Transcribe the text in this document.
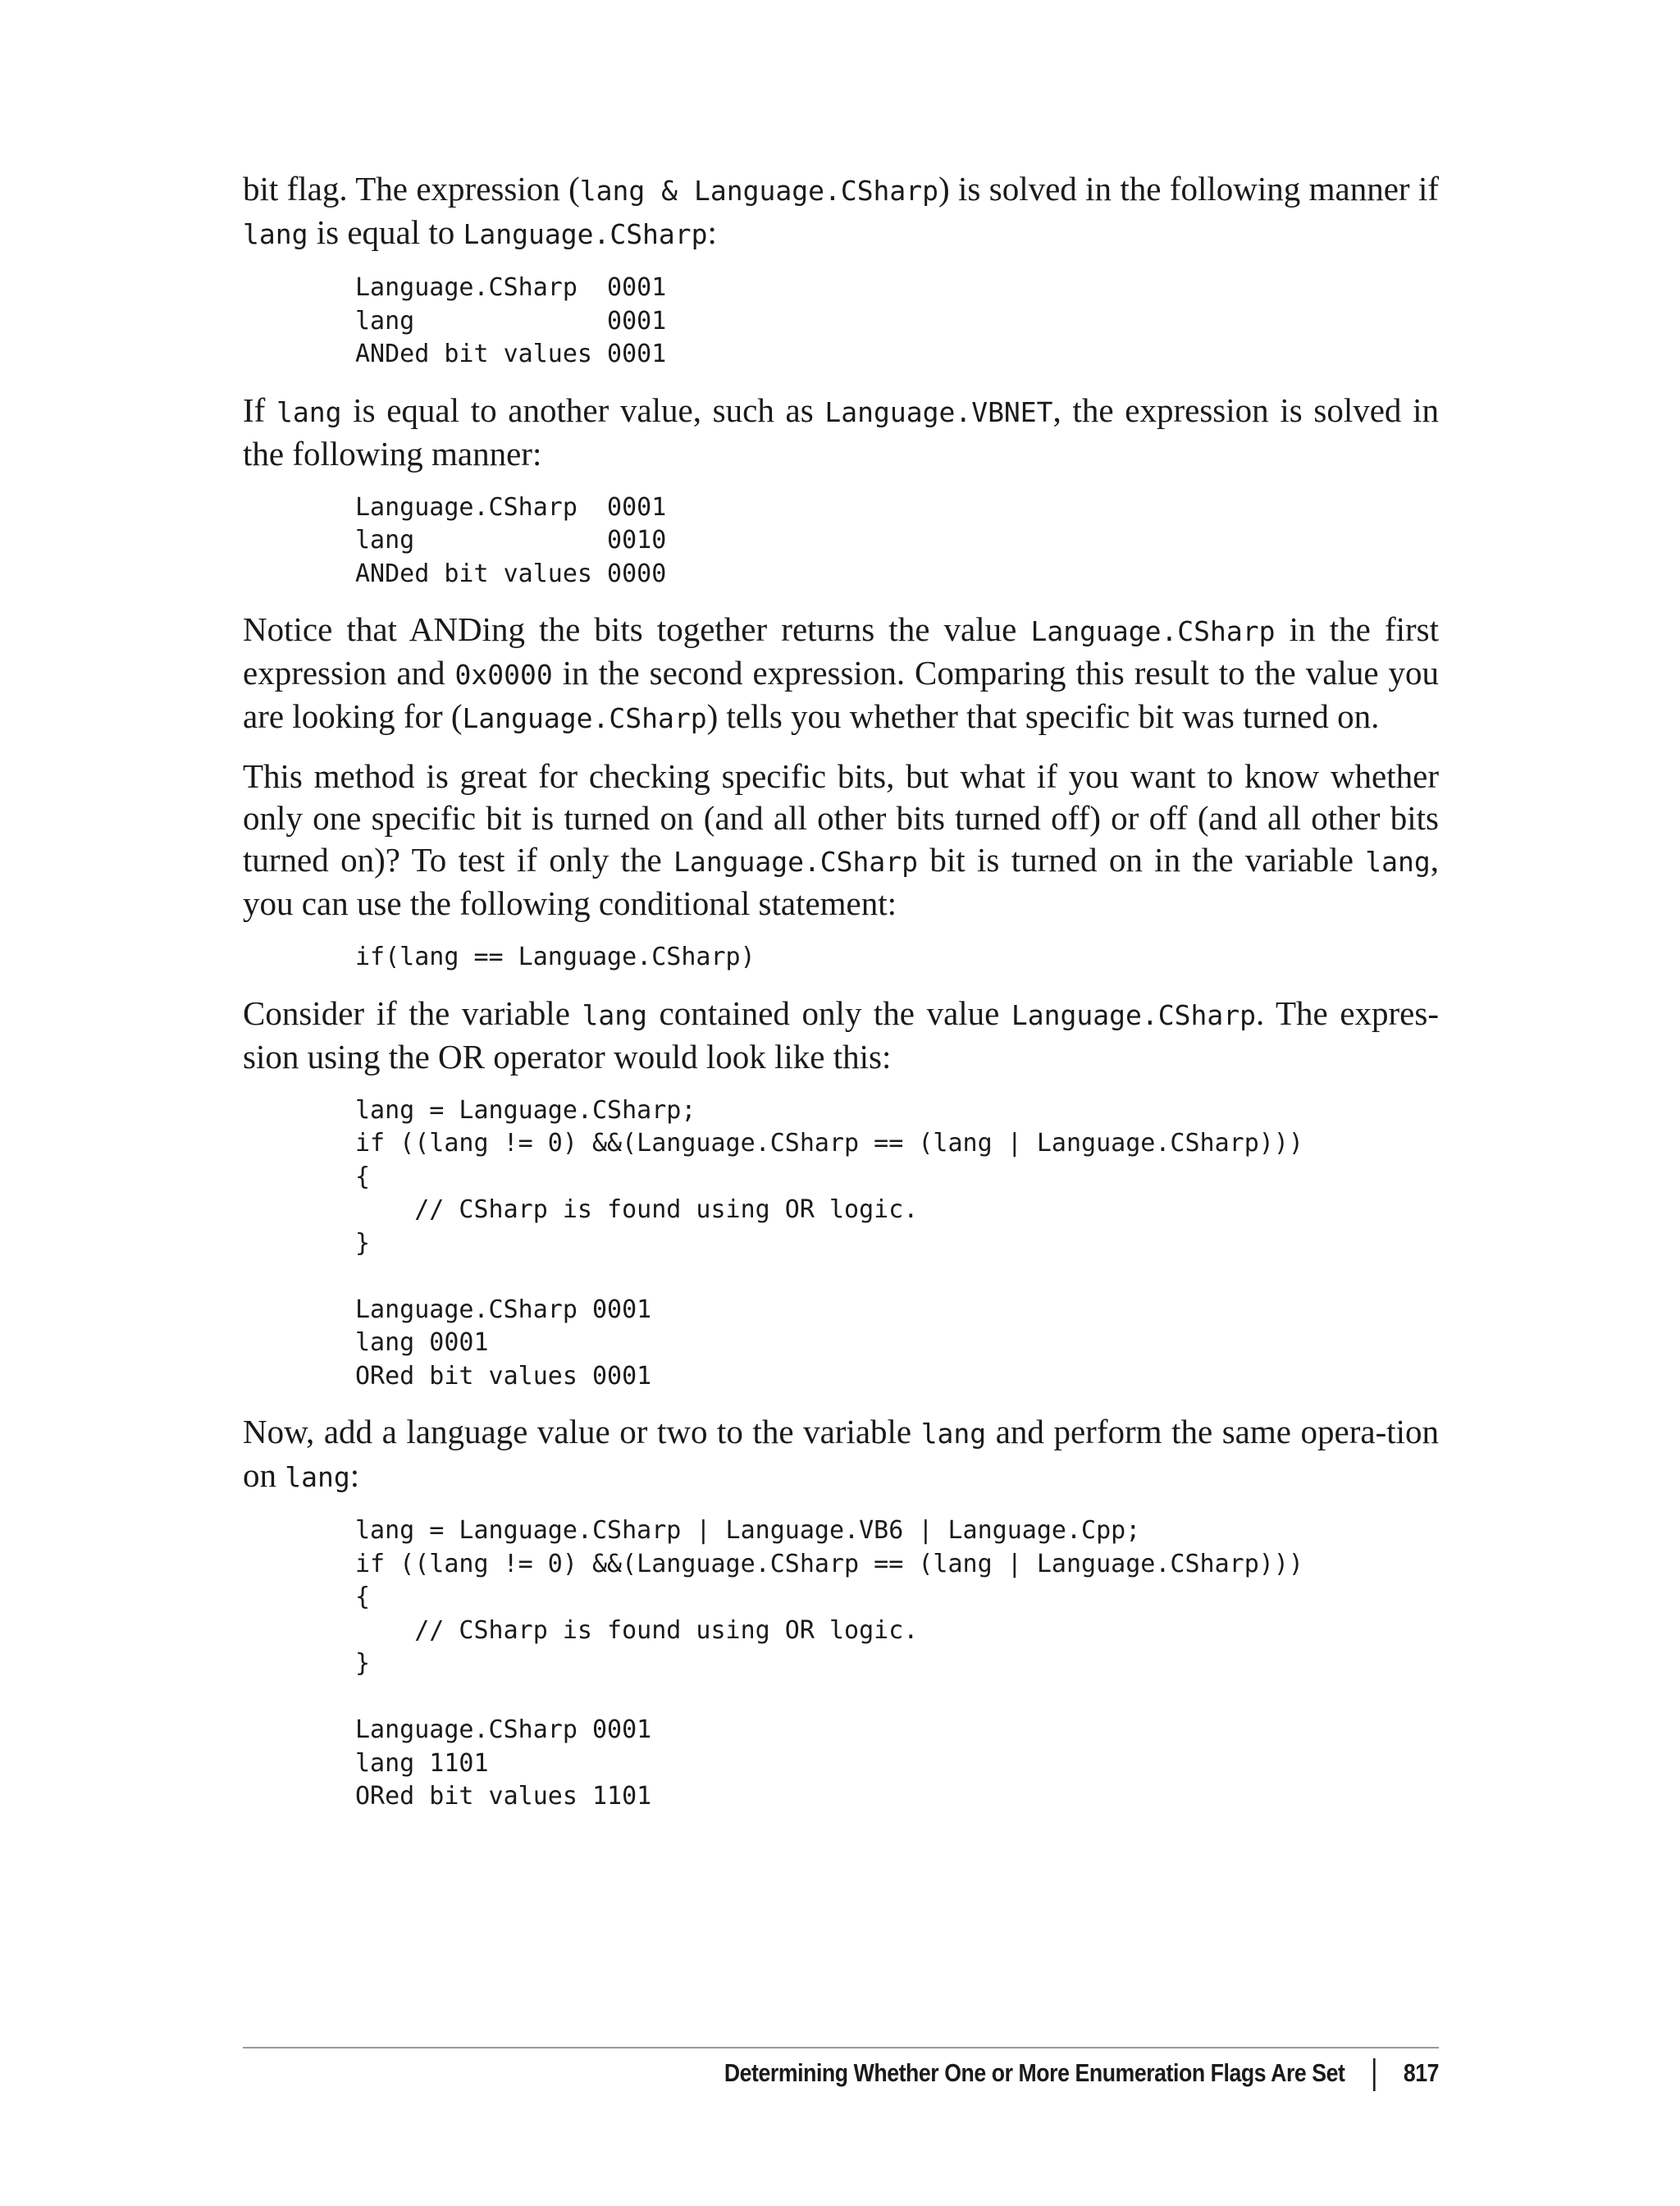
bit flag. The expression (lang & Language.CSharp) is solved in the following manner if lang is equal to Language.CSharp:

Language.CSharp  0001
lang             0001
ANDed bit values 0001

If lang is equal to another value, such as Language.VBNET, the expression is solved in the following manner:

Language.CSharp  0001
lang             0010
ANDed bit values 0000

Notice that ANDing the bits together returns the value Language.CSharp in the first expression and 0x0000 in the second expression. Comparing this result to the value you are looking for (Language.CSharp) tells you whether that specific bit was turned on.

This method is great for checking specific bits, but what if you want to know whether only one specific bit is turned on (and all other bits turned off) or off (and all other bits turned on)? To test if only the Language.CSharp bit is turned on in the variable lang, you can use the following conditional statement:

if(lang == Language.CSharp)

Consider if the variable lang contained only the value Language.CSharp. The expres-sion using the OR operator would look like this:

lang = Language.CSharp;
if ((lang != 0) &&(Language.CSharp == (lang | Language.CSharp)))
{
// CSharp is found using OR logic.
}

Language.CSharp 0001
lang 0001
ORed bit values 0001

Now, add a language value or two to the variable lang and perform the same opera-tion on lang:

lang = Language.CSharp | Language.VB6 | Language.Cpp;
if ((lang != 0) &&(Language.CSharp == (lang | Language.CSharp)))
{
// CSharp is found using OR logic.
}

Language.CSharp 0001
lang 1101
ORed bit values 1101
Determining Whether One or More Enumeration Flags Are Set 817
